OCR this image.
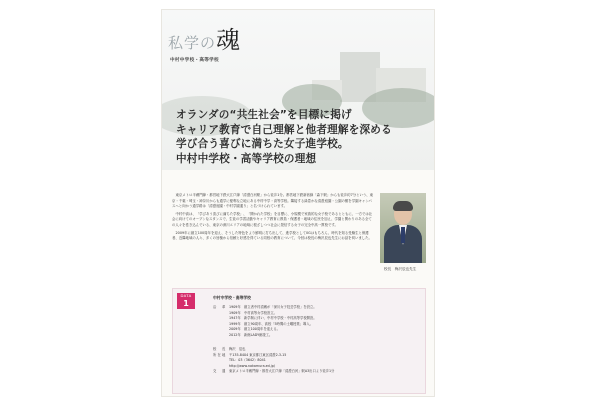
私学の魂
中村中学校・高等学校
オランダの“共生社会”を目標に掲げ
キャリア教育で自己理解と他者理解を深める
学び合う喜びに満ちた女子進学校。
中村中学校・高等学校の理想

東京メトロ半蔵門線・都営地下鉄大江戸線「清澄白河駅」から徒歩1分。都営地下鉄新宿線「森下駅」からも徒歩約7分という、東京・千葉・埼玉・神奈川からも通学に便利な立地にある中村中学・高等学校。隣接する緑豊かな清澄庭園・公園の樹を学園キャンパスへと向かう通学路は「清澄庭園・中村学園通り」と名づけられています。

中村中高は、「学びあう喜びに満ちた学校」、「開かれた学校」を目標に、小規模で家族的な女子校であるとともに、一方では社会に向けてのオープンなスタンスで、生徒の学習活動やキャリア教育に教員・保護者・地域の住民を加え、学園と関わりのある全ての人々を巻き込んでいる、東京の深川エリアの地域に根ざしつつ社会に発信する女子の完全中高一貫校です。

2009年に創立100周年を迎え、そうした特色をより鮮明に打ち出して、進学校として0Gはもちろん、時代を知る受験生と保護者、近隣地域の人々、多くの皆様から信頼と好感を得ている同校の教育について、今回は校長の梅沢辰也先生にお話を伺いました。

校長　梅沢辰也先生
DATA
1
中村中学校・高等学校
沿　革 1909年　創立者中村清蔵が「深川女子技芸学校」を設立。
1909年　中村高等女学校設立。
1947年　新学制に伴い、中村中学校・中村高等学校開設。
1999年　創立90周年、高校「5時間の土曜授業」導入。
2009年　創立100周年を迎える。
2012年　新館LADY館竣工。
校　長 梅沢　辰也
所在地 〒135-8404 東京都江東区清澄2-3-15
TEL：03（3642）8041
http://www.nakamura.ed.jp/
交　通 東京メトロ半蔵門線・都営大江戸線「清澄白河」駅A3出口より徒歩1分
